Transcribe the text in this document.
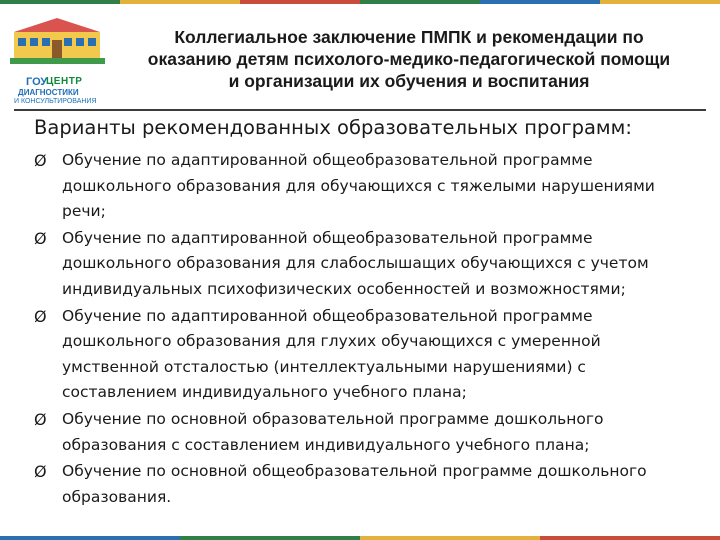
ГОУ
ЦЕНТР
ДИАГНОСТИКИ
И КОНСУЛЬТИРОВАНИЯ
Коллегиальное заключение ПМПК и рекомендации по
оказанию детям психолого-медико-педагогической помощи
и организации их обучения и воспитания
Варианты рекомендованных образовательных программ:
Ø Обучение по адаптированной общеобразовательной программе
дошкольного образования для обучающихся с тяжелыми нарушениями
речи;
Ø Обучение по адаптированной общеобразовательной программе
дошкольного образования для слабослышащих обучающихся с учетом
индивидуальных психофизических особенностей и возможностями;
Ø Обучение по адаптированной общеобразовательной программе
дошкольного образования для глухих обучающихся с умеренной
умственной отсталостью (интеллектуальными нарушениями) с
составлением индивидуального учебного плана;
Ø Обучение по основной образовательной программе дошкольного
образования с составлением индивидуального учебного плана;
Ø Обучение по основной общеобразовательной программе дошкольного
образования.
